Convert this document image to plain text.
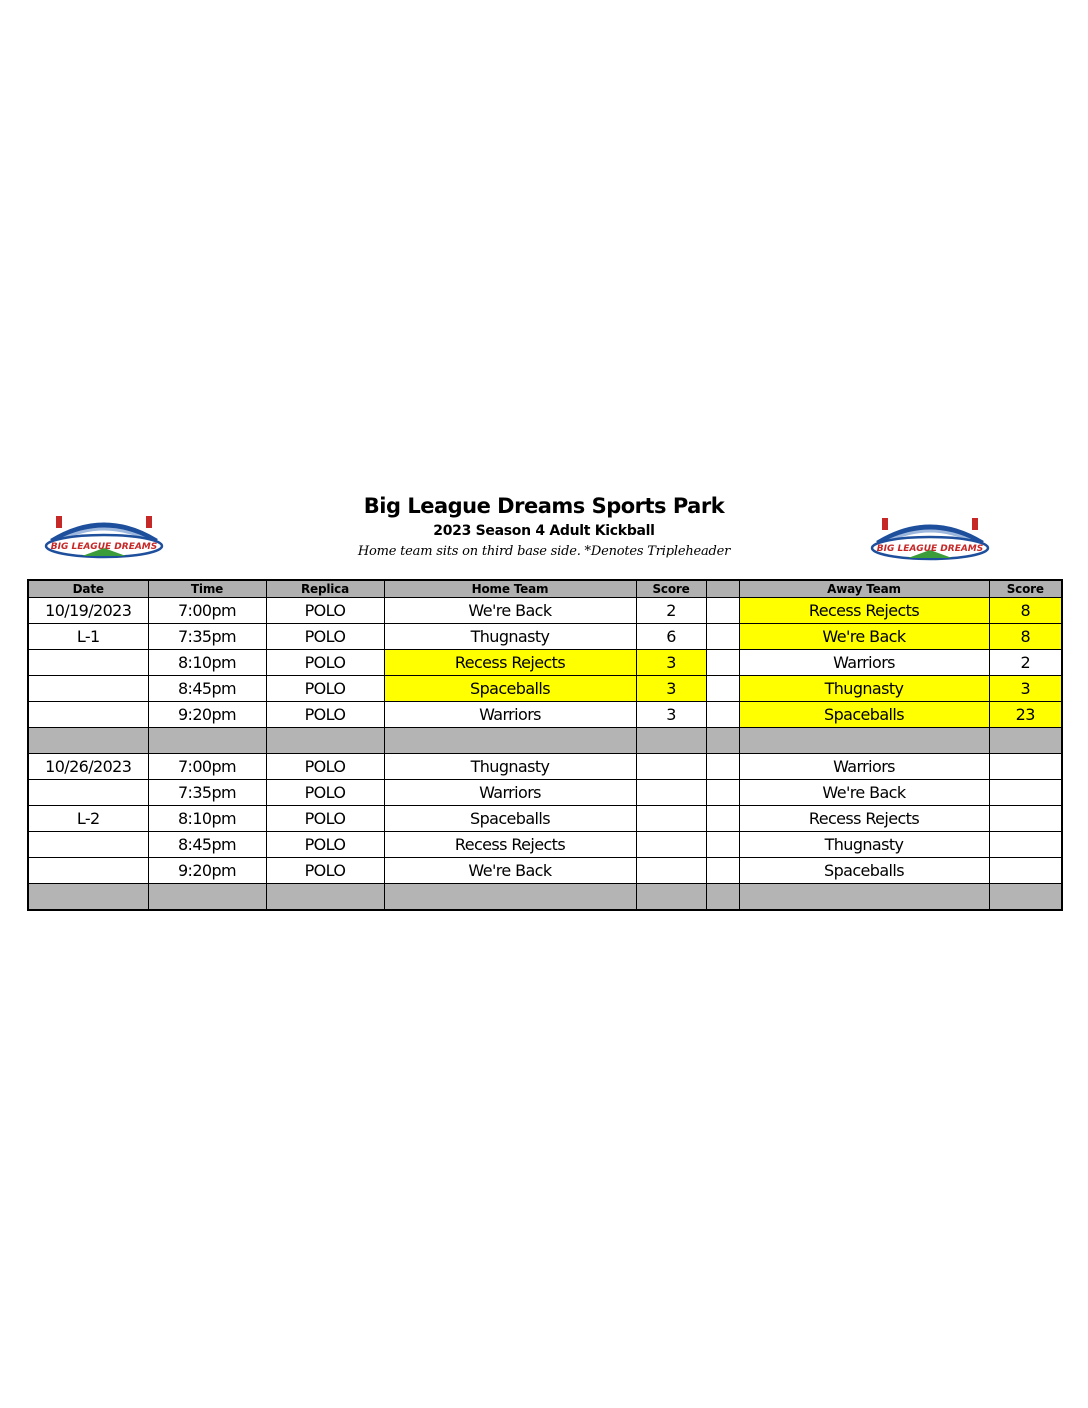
BIG LEAGUE DREAMS
Big League Dreams Sports Park
2023 Season 4 Adult Kickball
Home team sits on third base side. *Denotes Tripleheader	BIG LEAGUE DREAMS
Date	Time	Replica	Home Team	Score		Away Team	Score
10/19/2023	7:00pm	POLO	We're Back	2		Recess Rejects	8
L-1	7:35pm	POLO	Thugnasty	6		We're Back	8
	8:10pm	POLO	Recess Rejects	3		Warriors	2
	8:45pm	POLO	Spaceballs	3		Thugnasty	3
	9:20pm	POLO	Warriors	3		Spaceballs	23

10/26/2023	7:00pm	POLO	Thugnasty			Warriors	
	7:35pm	POLO	Warriors			We're Back	
L-2	8:10pm	POLO	Spaceballs			Recess Rejects	
	8:45pm	POLO	Recess Rejects			Thugnasty	
	9:20pm	POLO	We're Back			Spaceballs	
